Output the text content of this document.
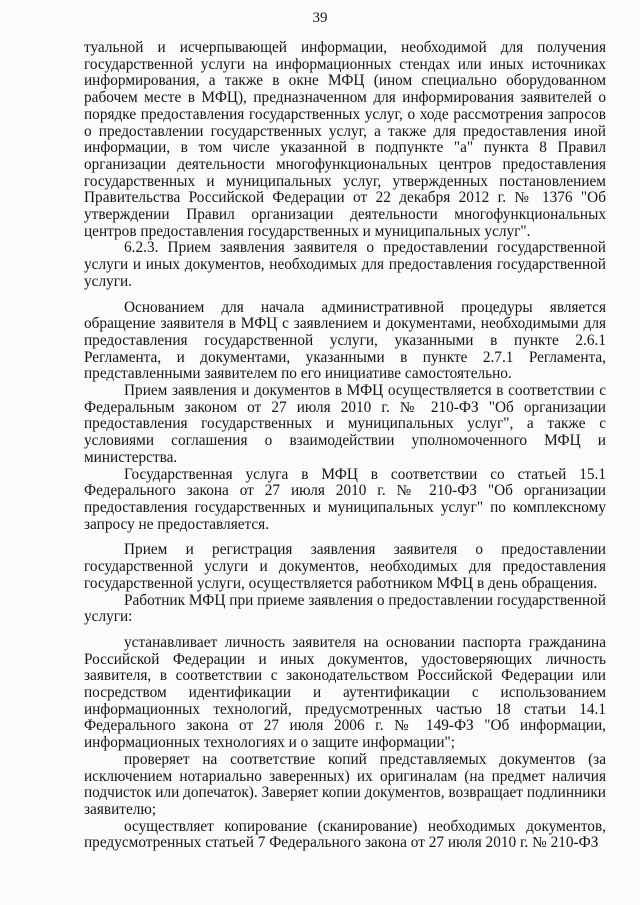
39

туальной и исчерпывающей информации, необходимой для получения государственной услуги на информационных стендах или иных источниках информирования, а также в окне МФЦ (ином специально оборудованном рабочем месте в МФЦ), предназначенном для информирования заявителей о порядке предоставления государственных услуг, о ходе рассмотрения запросов о предоставлении государственных услуг, а также для предоставления иной информации, в том числе указанной в подпункте "а" пункта 8 Правил организации деятельности многофункциональных центров предоставления государственных и муниципальных услуг, утвержденных постановлением Правительства Российской Федерации от 22 декабря 2012 г. № 1376 "Об утверждении Правил организации деятельности многофункциональных центров предоставления государственных и муниципальных услуг".

6.2.3. Прием заявления заявителя о предоставлении государственной услуги и иных документов, необходимых для предоставления государственной услуги.

Основанием для начала административной процедуры является обращение заявителя в МФЦ с заявлением и документами, необходимыми для предоставления государственной услуги, указанными в пункте 2.6.1 Регламента, и документами, указанными в пункте 2.7.1 Регламента, представленными заявителем по его инициативе самостоятельно.

Прием заявления и документов в МФЦ осуществляется в соответствии с Федеральным законом от 27 июля 2010 г. № 210-ФЗ "Об организации предоставления государственных и муниципальных услуг", а также с условиями соглашения о взаимодействии уполномоченного МФЦ и министерства.

Государственная услуга в МФЦ в соответствии со статьей 15.1 Федерального закона от 27 июля 2010 г. № 210-ФЗ "Об организации предоставления государственных и муниципальных услуг" по комплексному запросу не предоставляется.

Прием и регистрация заявления заявителя о предоставлении государственной услуги и документов, необходимых для предоставления государственной услуги, осуществляется работником МФЦ в день обращения.

Работник МФЦ при приеме заявления о предоставлении государственной услуги:

устанавливает личность заявителя на основании паспорта гражданина Российской Федерации и иных документов, удостоверяющих личность заявителя, в соответствии с законодательством Российской Федерации или посредством идентификации и аутентификации с использованием информационных технологий, предусмотренных частью 18 статьи 14.1 Федерального закона от 27 июля 2006 г. № 149-ФЗ "Об информации, информационных технологиях и о защите информации";

проверяет на соответствие копий представляемых документов (за исключением нотариально заверенных) их оригиналам (на предмет наличия подчисток или допечаток). Заверяет копии документов, возвращает подлинники заявителю;

осуществляет копирование (сканирование) необходимых документов, предусмотренных статьей 7 Федерального закона от 27 июля 2010 г. № 210-ФЗ
